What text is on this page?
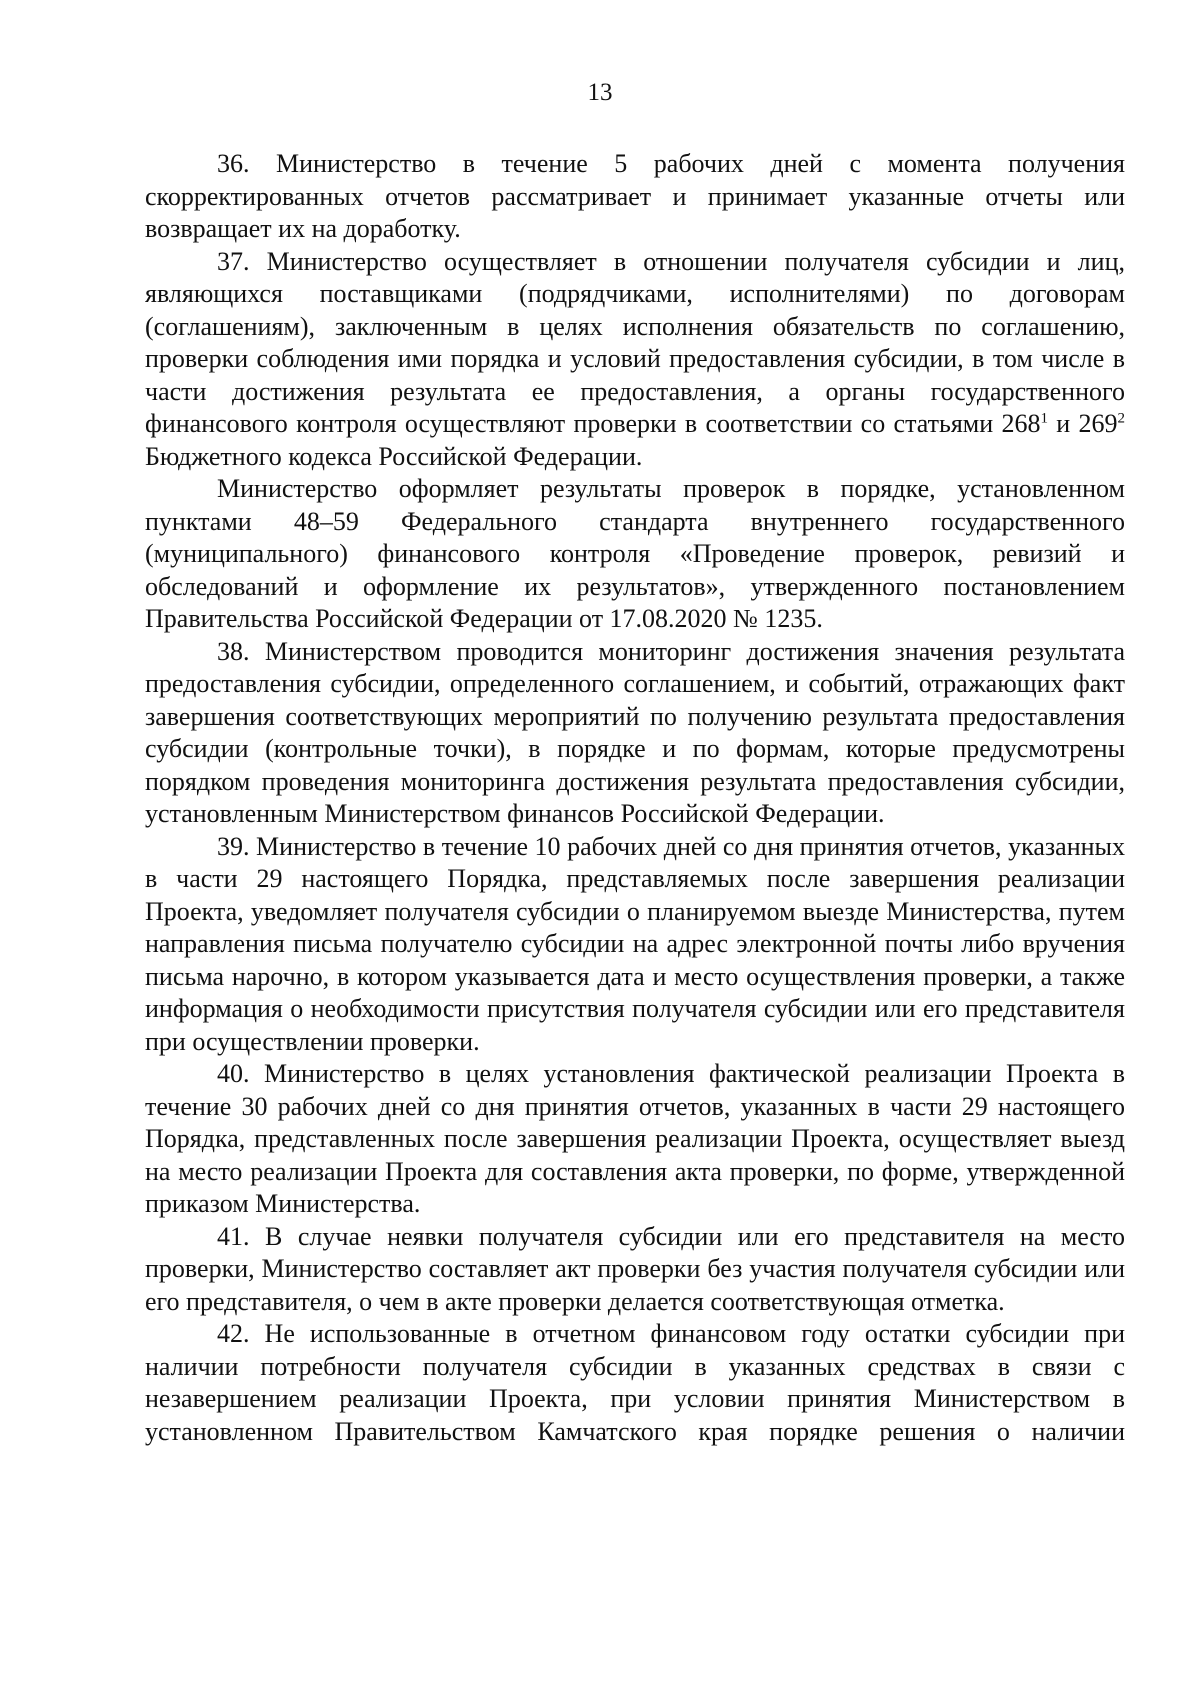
13

36. Министерство в течение 5 рабочих дней с момента получения скорректированных отчетов рассматривает и принимает указанные отчеты или возвращает их на доработку.

37. Министерство осуществляет в отношении получателя субсидии и лиц, являющихся поставщиками (подрядчиками, исполнителями) по договорам (соглашениям), заключенным в целях исполнения обязательств по соглашению, проверки соблюдения ими порядка и условий предоставления субсидии, в том числе в части достижения результата ее предоставления, а органы государственного финансового контроля осуществляют проверки в соответствии со статьями $268^1$ и $269^2$ Бюджетного кодекса Российской Федерации.

Министерство оформляет результаты проверок в порядке, установленном пунктами 48–59 Федерального стандарта внутреннего государственного (муниципального) финансового контроля «Проведение проверок, ревизий и обследований и оформление их результатов», утвержденного постановлением Правительства Российской Федерации от 17.08.2020 № 1235.

38. Министерством проводится мониторинг достижения значения результата предоставления субсидии, определенного соглашением, и событий, отражающих факт завершения соответствующих мероприятий по получению результата предоставления субсидии (контрольные точки), в порядке и по формам, которые предусмотрены порядком проведения мониторинга достижения результата предоставления субсидии, установленным Министерством финансов Российской Федерации.

39. Министерство в течение 10 рабочих дней со дня принятия отчетов, указанных в части 29 настоящего Порядка, представляемых после завершения реализации Проекта, уведомляет получателя субсидии о планируемом выезде Министерства, путем направления письма получателю субсидии на адрес электронной почты либо вручения письма нарочно, в котором указывается дата и место осуществления проверки, а также информация о необходимости присутствия получателя субсидии или его представителя при осуществлении проверки.

40. Министерство в целях установления фактической реализации Проекта в течение 30 рабочих дней со дня принятия отчетов, указанных в части 29 настоящего Порядка, представленных после завершения реализации Проекта, осуществляет выезд на место реализации Проекта для составления акта проверки, по форме, утвержденной приказом Министерства.

41. В случае неявки получателя субсидии или его представителя на место проверки, Министерство составляет акт проверки без участия получателя субсидии или его представителя, о чем в акте проверки делается соответствующая отметка.

42. Не использованные в отчетном финансовом году остатки субсидии при наличии потребности получателя субсидии в указанных средствах в связи с незавершением реализации Проекта, при условии принятия Министерством в установленном Правительством Камчатского края порядке решения о наличии
